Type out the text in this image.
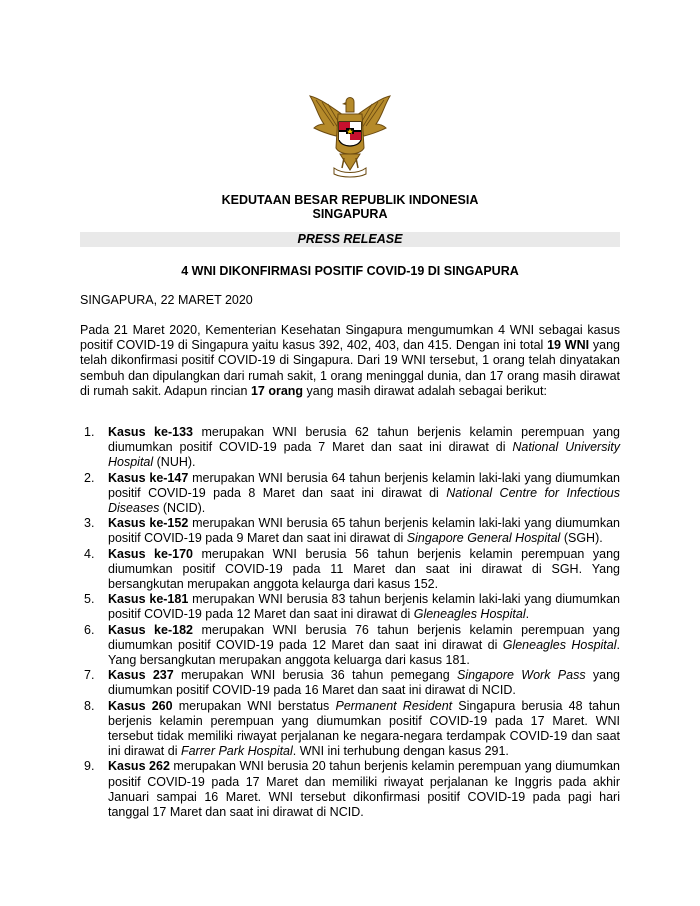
KEDUTAAN BESAR REPUBLIK INDONESIA
SINGAPURA
PRESS RELEASE
4 WNI DIKONFIRMASI POSITIF COVID-19 DI SINGAPURA
SINGAPURA, 22 MARET 2020
Pada 21 Maret 2020, Kementerian Kesehatan Singapura mengumumkan 4 WNI sebagai kasus positif COVID-19 di Singapura yaitu kasus 392, 402, 403, dan 415. Dengan ini total 19 WNI yang telah dikonfirmasi positif COVID-19 di Singapura. Dari 19 WNI tersebut, 1 orang telah dinyatakan sembuh dan dipulangkan dari rumah sakit, 1 orang meninggal dunia, dan 17 orang masih dirawat di rumah sakit. Adapun rincian 17 orang yang masih dirawat adalah sebagai berikut:
1. Kasus ke-133 merupakan WNI berusia 62 tahun berjenis kelamin perempuan yang diumumkan positif COVID-19 pada 7 Maret dan saat ini dirawat di National University Hospital (NUH).
2. Kasus ke-147 merupakan WNI berusia 64 tahun berjenis kelamin laki-laki yang diumumkan positif COVID-19 pada 8 Maret dan saat ini dirawat di National Centre for Infectious Diseases (NCID).
3. Kasus ke-152 merupakan WNI berusia 65 tahun berjenis kelamin laki-laki yang diumumkan positif COVID-19 pada 9 Maret dan saat ini dirawat di Singapore General Hospital (SGH).
4. Kasus ke-170 merupakan WNI berusia 56 tahun berjenis kelamin perempuan yang diumumkan positif COVID-19 pada 11 Maret dan saat ini dirawat di SGH. Yang bersangkutan merupakan anggota kelaurga dari kasus 152.
5. Kasus ke-181 merupakan WNI berusia 83 tahun berjenis kelamin laki-laki yang diumumkan positif COVID-19 pada 12 Maret dan saat ini dirawat di Gleneagles Hospital.
6. Kasus ke-182 merupakan WNI berusia 76 tahun berjenis kelamin perempuan yang diumumkan positif COVID-19 pada 12 Maret dan saat ini dirawat di Gleneagles Hospital. Yang bersangkutan merupakan anggota keluarga dari kasus 181.
7. Kasus 237 merupakan WNI berusia 36 tahun pemegang Singapore Work Pass yang diumumkan positif COVID-19 pada 16 Maret dan saat ini dirawat di NCID.
8. Kasus 260 merupakan WNI berstatus Permanent Resident Singapura berusia 48 tahun berjenis kelamin perempuan yang diumumkan positif COVID-19 pada 17 Maret. WNI tersebut tidak memiliki riwayat perjalanan ke negara-negara terdampak COVID-19 dan saat ini dirawat di Farrer Park Hospital. WNI ini terhubung dengan kasus 291.
9. Kasus 262 merupakan WNI berusia 20 tahun berjenis kelamin perempuan yang diumumkan positif COVID-19 pada 17 Maret dan memiliki riwayat perjalanan ke Inggris pada akhir Januari sampai 16 Maret. WNI tersebut dikonfirmasi positif COVID-19 pada pagi hari tanggal 17 Maret dan saat ini dirawat di NCID.
